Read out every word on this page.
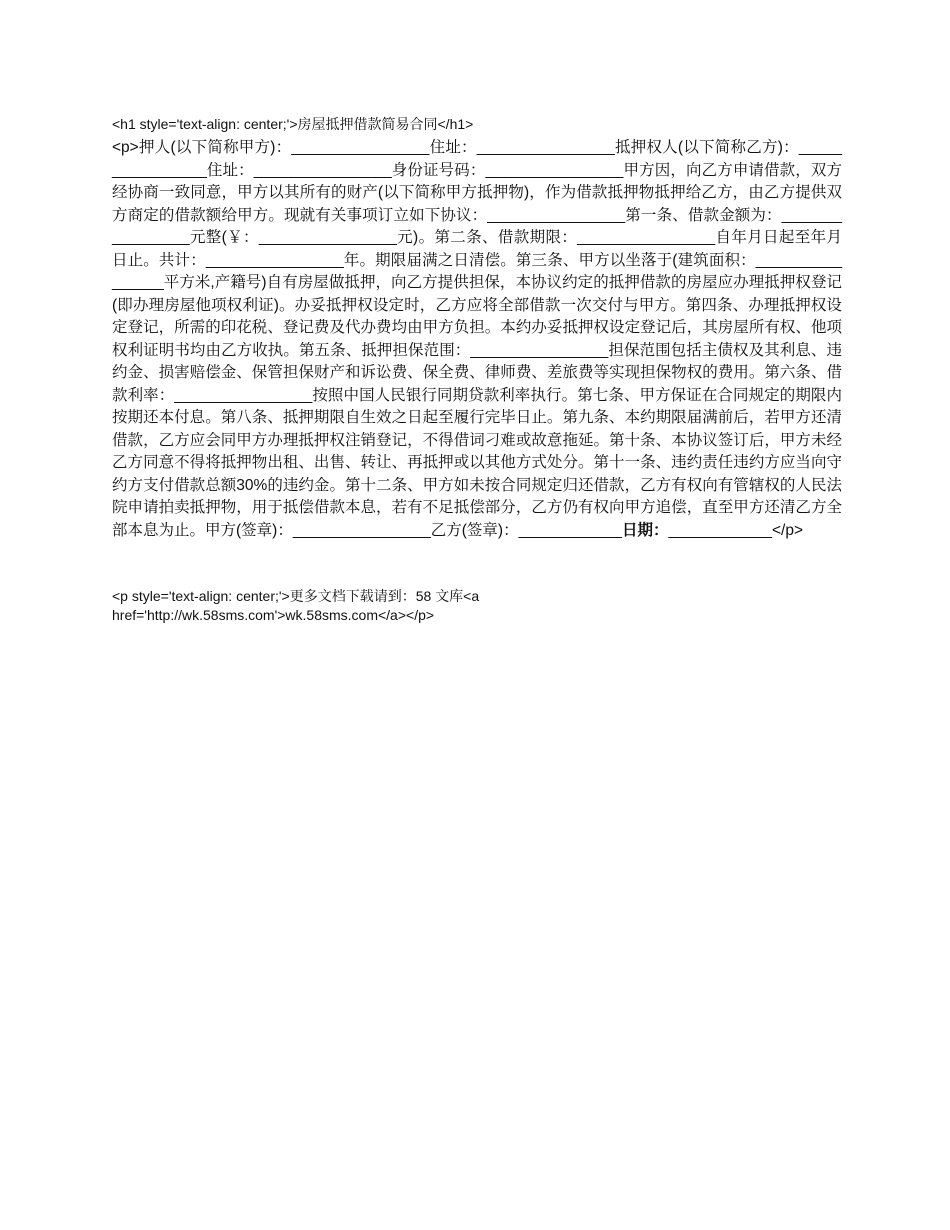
<h1 style='text-align: center;'>房屋抵押借款简易合同</h1>
<p>押人(以下简称甲方)：________________住址：________________抵押权人(以下简称乙方)：________________住址：________________身份证号码：________________甲方因，向乙方申请借款，双方经协商一致同意，甲方以其所有的财产(以下简称甲方抵押物)，作为借款抵押物抵押给乙方，由乙方提供双方商定的借款额给甲方。现就有关事项订立如下协议：________________第一条、借款金额为：________________元整(￥：________________元)。第二条、借款期限：________________自年月日起至年月日止。共计：________________年。期限届满之日清偿。第三条、甲方以坐落于(建筑面积：________________平方米,产籍号)自有房屋做抵押，向乙方提供担保，本协议约定的抵押借款的房屋应办理抵押权登记(即办理房屋他项权利证)。办妥抵押权设定时，乙方应将全部借款一次交付与甲方。第四条、办理抵押权设定登记，所需的印花税、登记费及代办费均由甲方负担。本约办妥抵押权设定登记后，其房屋所有权、他项权利证明书均由乙方收执。第五条、抵押担保范围：________________担保范围包括主债权及其利息、违约金、损害赔偿金、保管担保财产和诉讼费、保全费、律师费、差旅费等实现担保物权的费用。第六条、借款利率：________________按照中国人民银行同期贷款利率执行。第七条、甲方保证在合同规定的期限内按期还本付息。第八条、抵押期限自生效之日起至履行完毕日止。第九条、本约期限届满前后，若甲方还清借款，乙方应会同甲方办理抵押权注销登记，不得借词刁难或故意拖延。第十条、本协议签订后，甲方未经乙方同意不得将抵押物出租、出售、转让、再抵押或以其他方式处分。第十一条、违约责任违约方应当向守约方支付借款总额30%的违约金。第十二条、甲方如未按合同规定归还借款，乙方有权向有管辖权的人民法院申请拍卖抵押物，用于抵偿借款本息，若有不足抵偿部分，乙方仍有权向甲方追偿，直至甲方还清乙方全部本息为止。甲方(签章)：________________乙方(签章)：____________日期：____________</p>
<p style='text-align: center;'>更多文档下载请到：58 文库<a
href='http://wk.58sms.com'>wk.58sms.com</a></p>
